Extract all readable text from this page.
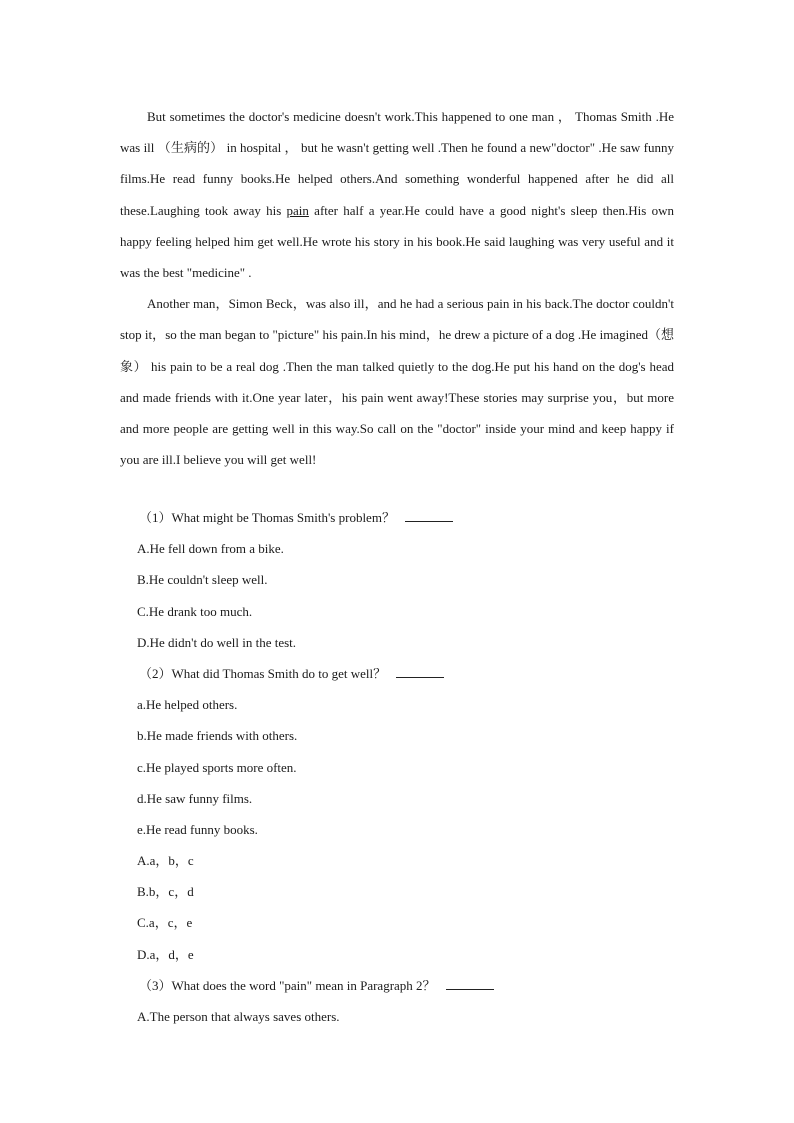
But sometimes the doctor's medicine doesn't work.This happened to one man ， Thomas Smith .He was ill （生病的） in hospital ， but he wasn't getting well .Then he found a new"doctor" .He saw funny films.He read funny books.He helped others.And something wonderful happened after he did all these.Laughing took away his pain after half a year.He could have a good night's sleep then.His own happy feeling helped him get well.He wrote his story in his book.He said laughing was very useful and it was the best "medicine" .

Another man，Simon Beck，was also ill，and he had a serious pain in his back.The doctor couldn't stop it，so the man began to "picture" his pain.In his mind，he drew a picture of a dog .He imagined（想象） his pain to be a real dog .Then the man talked quietly to the dog.He put his hand on the dog's head and made friends with it.One year later，his pain went away!These stories may surprise you，but more and more people are getting well in this way.So call on the "doctor" inside your mind and keep happy if you are ill.I believe you will get well!

（1）What might be Thomas Smith's problem？
A.He fell down from a bike.
B.He couldn't sleep well.
C.He drank too much.
D.He didn't do well in the test.
（2）What did Thomas Smith do to get well？
a.He helped others.
b.He made friends with others.
c.He played sports more often.
d.He saw funny films.
e.He read funny books.
A.a，b，c
B.b，c，d
C.a，c，e
D.a，d，e
（3）What does the word "pain" mean in Paragraph 2？
A.The person that always saves others.
